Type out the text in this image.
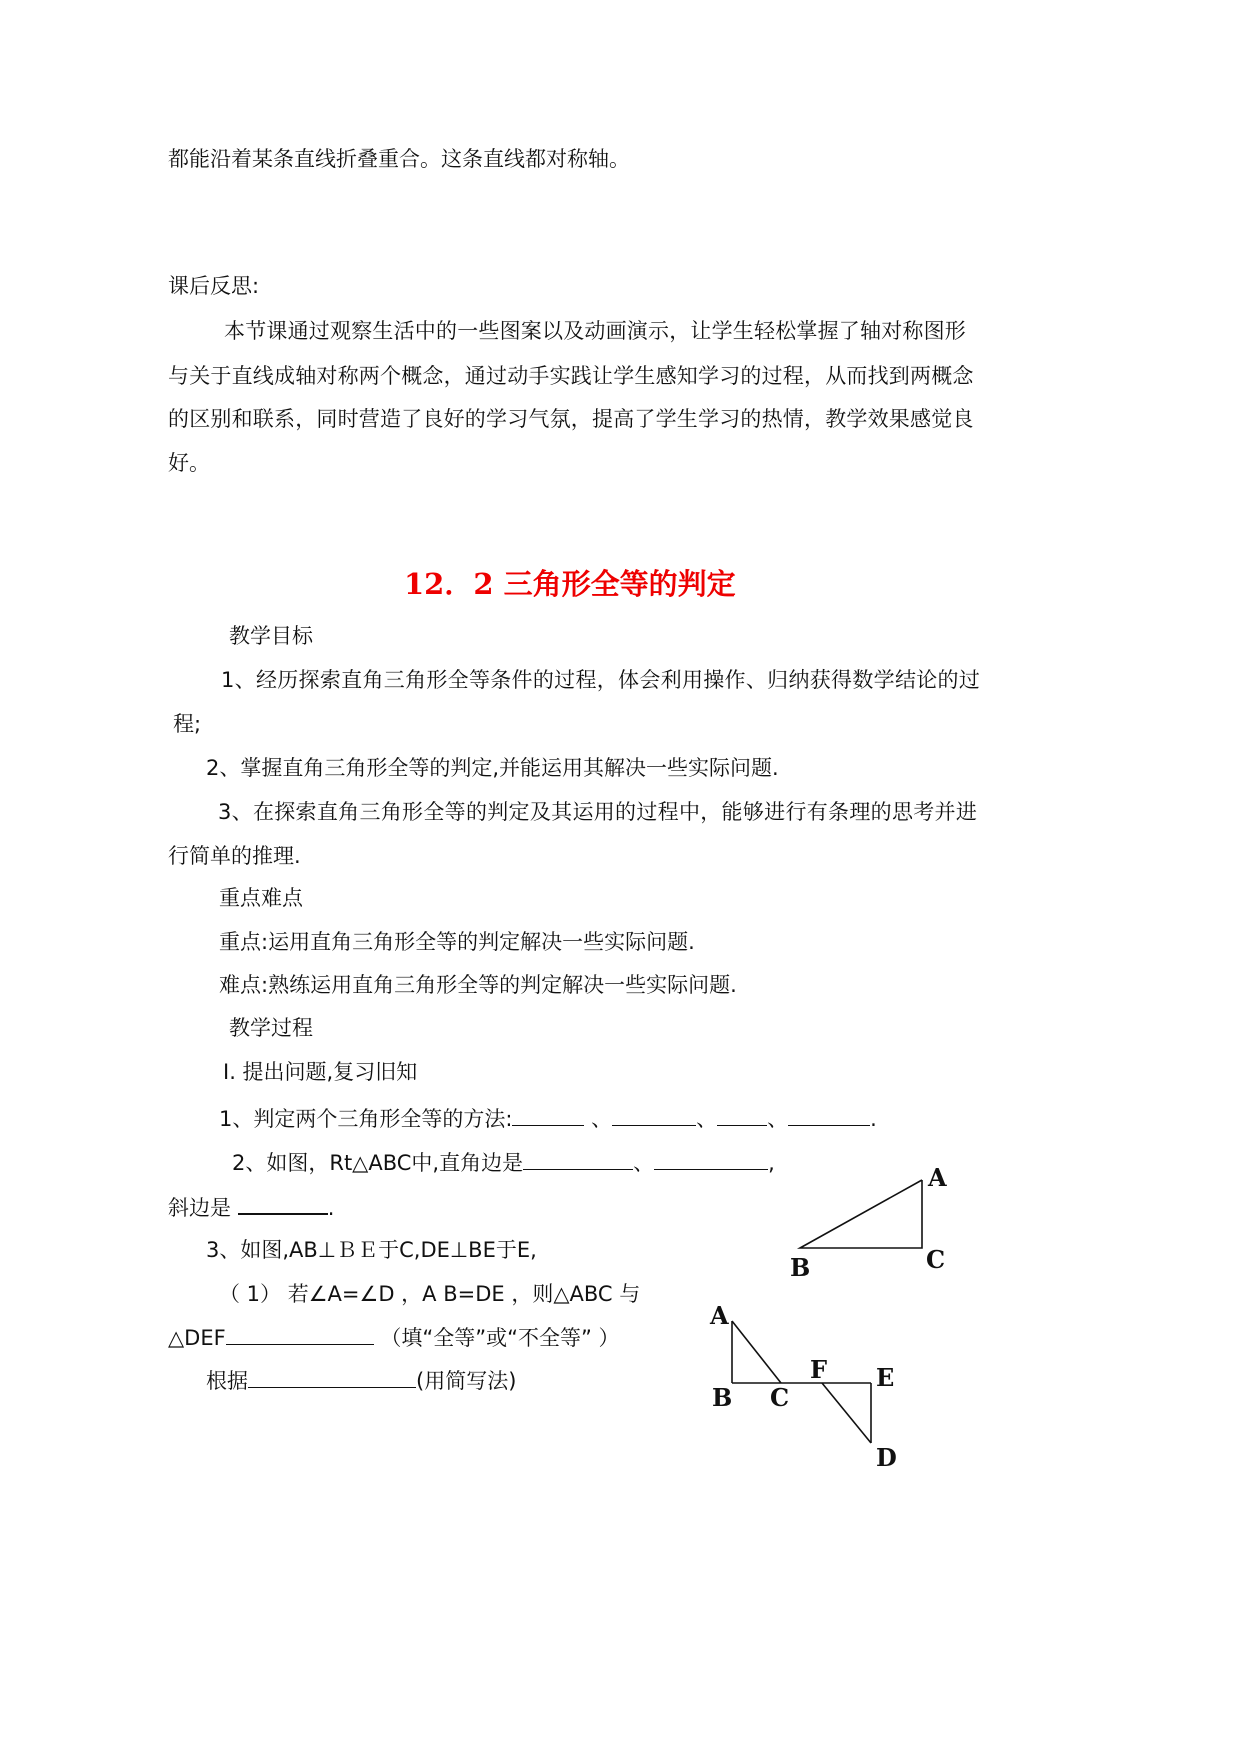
都能沿着某条直线折叠重合。这条直线都对称轴。
课后反思:
本节课通过观察生活中的一些图案以及动画演示，让学生轻松掌握了轴对称图形
与关于直线成轴对称两个概念，通过动手实践让学生感知学习的过程，从而找到两概念
的区别和联系，同时营造了良好的学习气氛，提高了学生学习的热情，教学效果感觉良
好。
12．2 三角形全等的判定
教学目标
1、经历探索直角三角形全等条件的过程，体会利用操作、归纳获得数学结论的过
程;
2、掌握直角三角形全等的判定,并能运用其解决一些实际问题.
3、在探索直角三角形全等的判定及其运用的过程中，能够进行有条理的思考并进
行简单的推理.
重点难点
重点:运用直角三角形全等的判定解决一些实际问题.
难点:熟练运用直角三角形全等的判定解决一些实际问题.
教学过程
Ⅰ. 提出问题,复习旧知
1、判定两个三角形全等的方法:	、	、 、	.
2、如图，Rt△ABC中,直角边是	、	,
斜边是	.
3、如图,AB⊥ＢＥ于C,DE⊥BE于E,
（ 1） 若∠A=∠D ，A B=DE ，则△ABC 与
△DEF	（填“全等”或“不全等” ）
根据	(用简写法)
A
B	C
A
B C
F E
D
